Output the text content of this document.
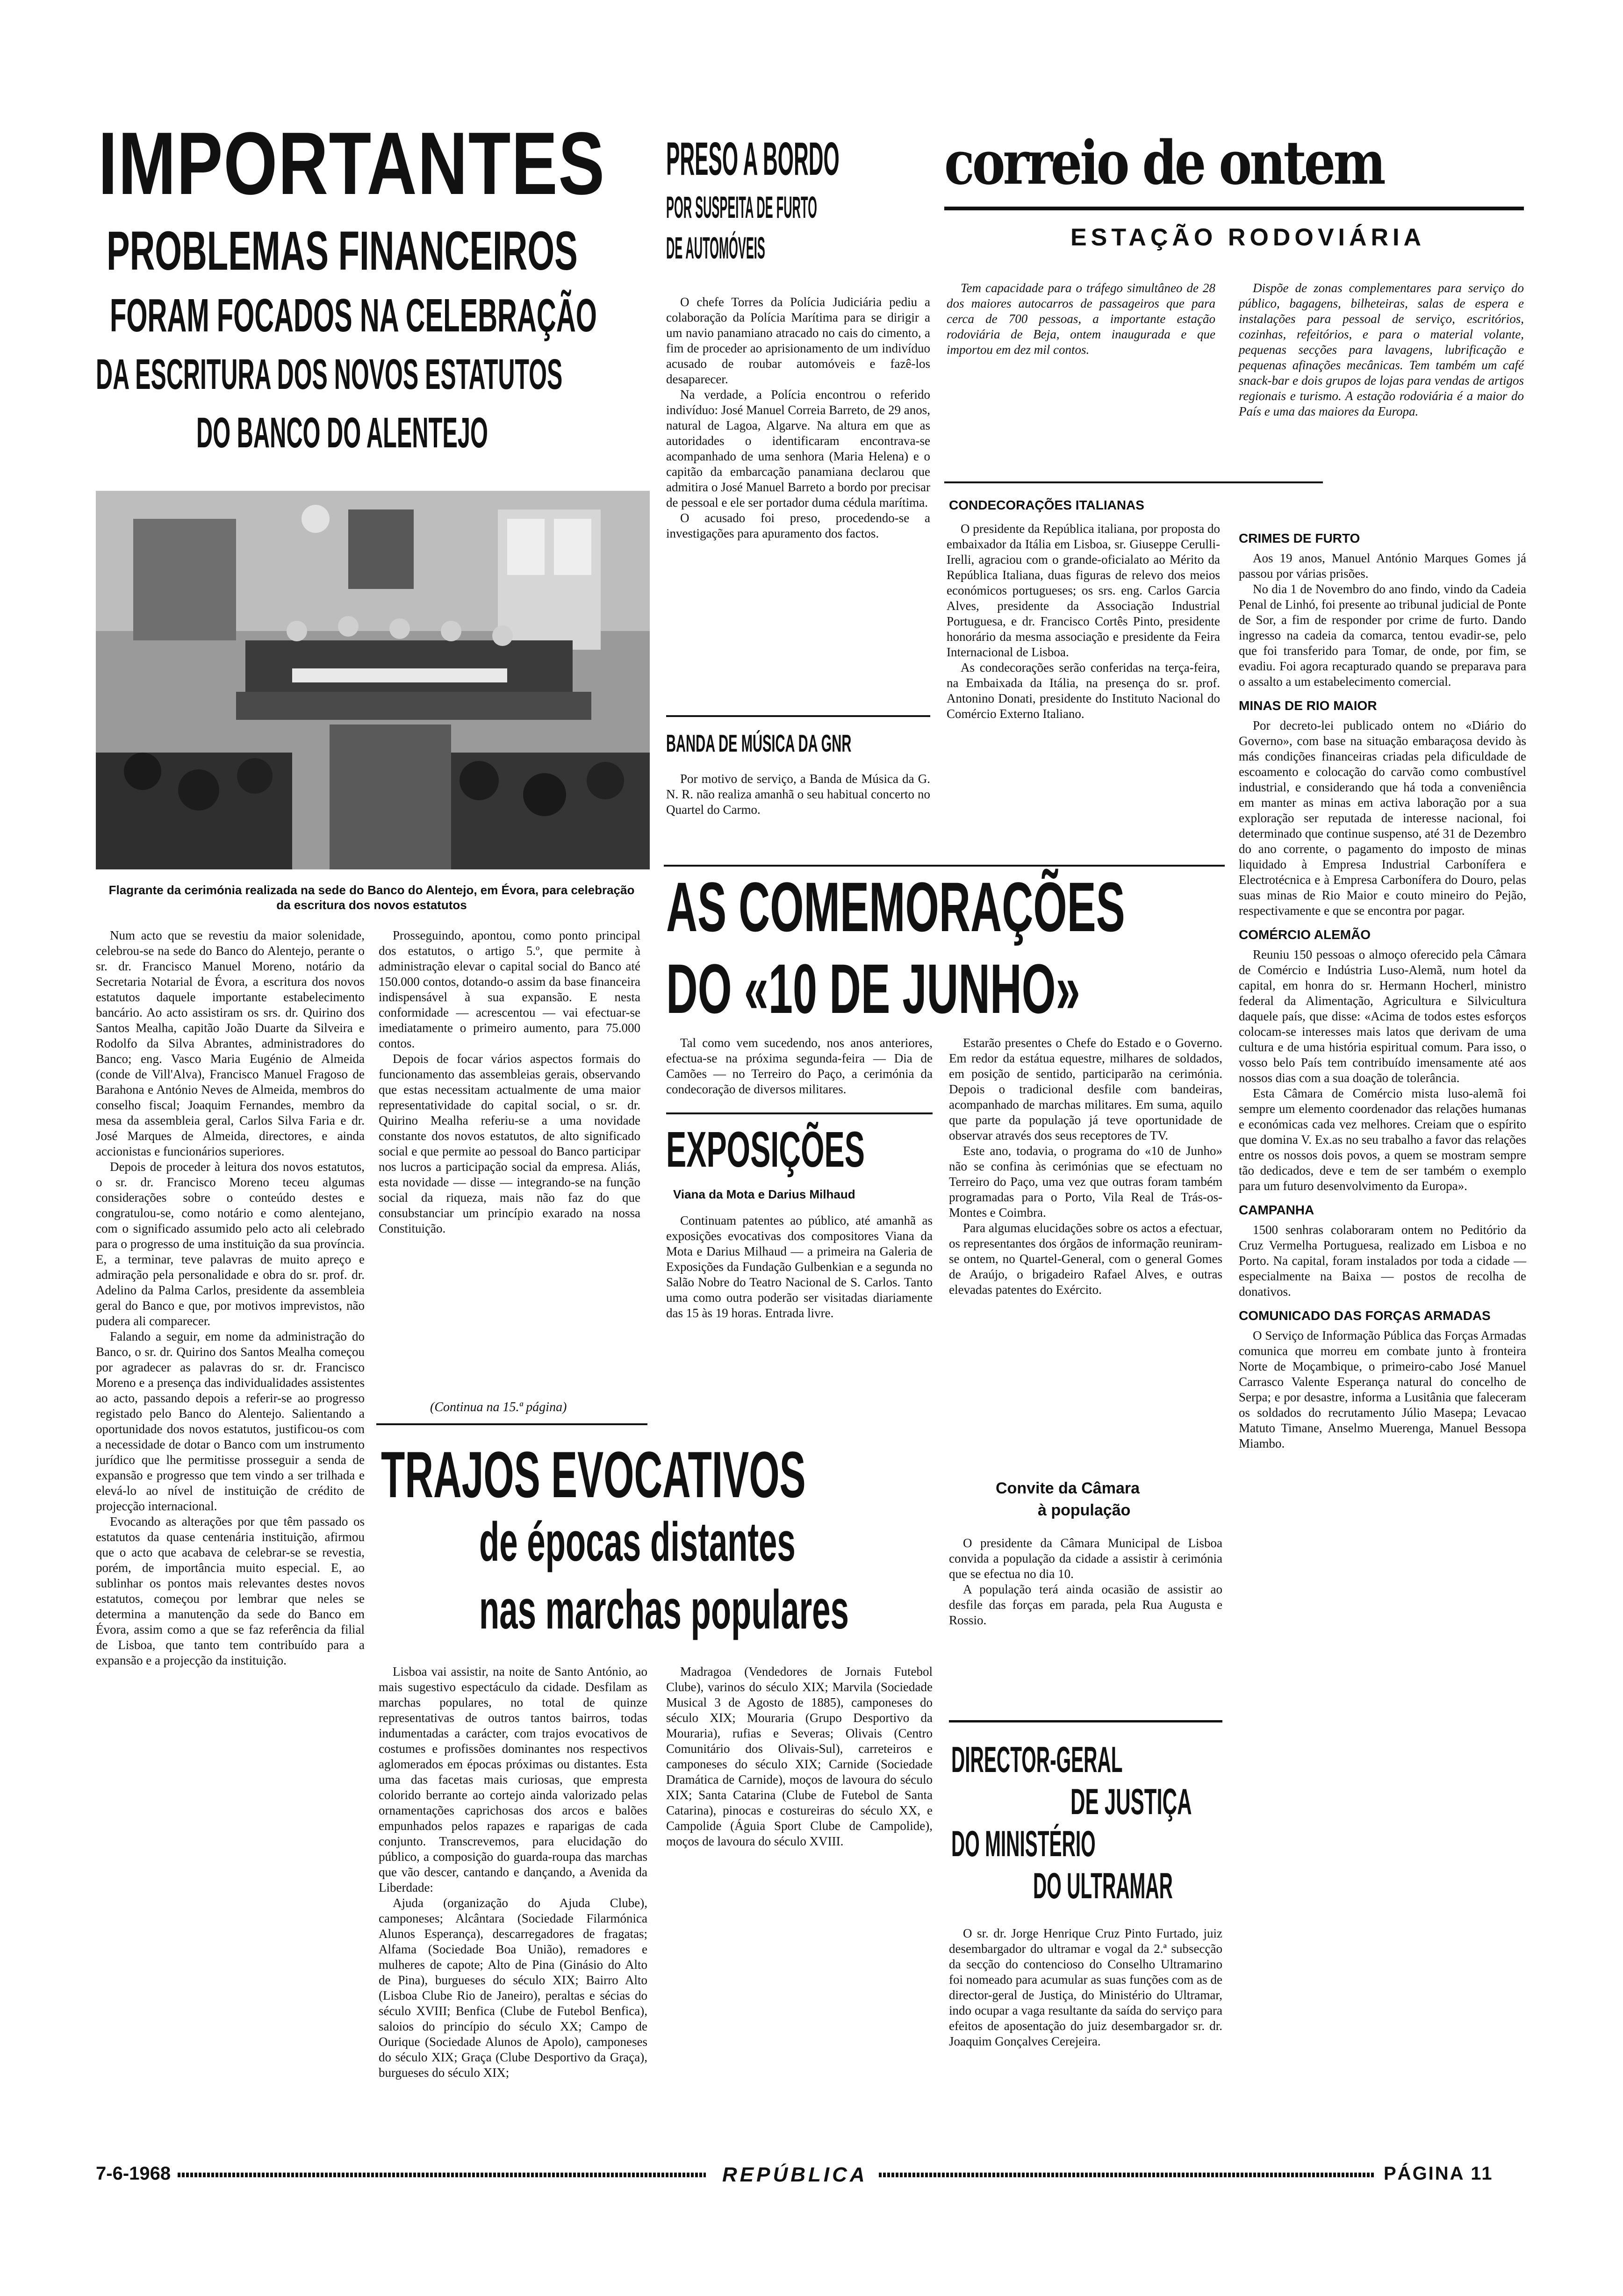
IMPORTANTES
PROBLEMAS FINANCEIROS
FORAM FOCADOS NA CELEBRAÇÃO
DA ESCRITURA DOS NOVOS ESTATUTOS
DO BANCO DO ALENTEJO
Flagrante da cerimónia realizada na sede do Banco do Alentejo, em Évora, para celebração da escritura dos novos estatutos

Num acto que se revestiu da maior solenidade, celebrou-se na sede do Banco do Alentejo, perante o sr. dr. Francisco Manuel Moreno, notário da Secretaria Notarial de Évora, a escritura dos novos estatutos daquele importante estabelecimento bancário. Ao acto assistiram os srs. dr. Quirino dos Santos Mealha, capitão João Duarte da Silveira e Rodolfo da Silva Abrantes, administradores do Banco; eng. Vasco Maria Eugénio de Almeida (conde de Vill'Alva), Francisco Manuel Fragoso de Barahona e António Neves de Almeida, membros do conselho fiscal; Joaquim Fernandes, membro da mesa da assembleia geral, Carlos Silva Faria e dr. José Marques de Almeida, directores, e ainda accionistas e funcionários superiores.

Depois de proceder à leitura dos novos estatutos, o sr. dr. Francisco Moreno teceu algumas considerações sobre o conteúdo destes e congratulou-se, como notário e como alentejano, com o significado assumido pelo acto ali celebrado para o progresso de uma instituição da sua província. E, a terminar, teve palavras de muito apreço e admiração pela personalidade e obra do sr. prof. dr. Adelino da Palma Carlos, presidente da assembleia geral do Banco e que, por motivos imprevistos, não pudera ali comparecer.

Falando a seguir, em nome da administração do Banco, o sr. dr. Quirino dos Santos Mealha começou por agradecer as palavras do sr. dr. Francisco Moreno e a presença das individualidades assistentes ao acto, passando depois a referir-se ao progresso registado pelo Banco do Alentejo. Salientando a oportunidade dos novos estatutos, justificou-os com a necessidade de dotar o Banco com um instrumento jurídico que lhe permitisse prosseguir a senda de expansão e progresso que tem vindo a ser trilhada e elevá-lo ao nível de instituição de crédito de projecção internacional.

Evocando as alterações por que têm passado os estatutos da quase centenária instituição, afirmou que o acto que acabava de celebrar-se se revestia, porém, de importância muito especial. E, ao sublinhar os pontos mais relevantes destes novos estatutos, começou por lembrar que neles se determina a manutenção da sede do Banco em Évora, assim como a que se faz referência da filial de Lisboa, que tanto tem contribuído para a expansão e a projecção da instituição.

Prosseguindo, apontou, como ponto principal dos estatutos, o artigo 5.º, que permite à administração elevar o capital social do Banco até 150.000 contos, dotando-o assim da base financeira indispensável à sua expansão. E nesta conformidade — acrescentou — vai efectuar-se imediatamente o primeiro aumento, para 75.000 contos.

Depois de focar vários aspectos formais do funcionamento das assembleias gerais, observando que estas necessitam actualmente de uma maior representatividade do capital social, o sr. dr. Quirino Mealha referiu-se a uma novidade constante dos novos estatutos, de alto significado social e que permite ao pessoal do Banco participar nos lucros a participação social da empresa. Aliás, esta novidade — disse — integrando-se na função social da riqueza, mais não faz do que consubstanciar um princípio exarado na nossa Constituição.

(Continua na 15.ª página)
PRESO A BORDO
POR SUSPEITA DE FURTO
DE AUTOMÓVEIS

O chefe Torres da Polícia Judiciária pediu a colaboração da Polícia Marítima para se dirigir a um navio panamiano atracado no cais do cimento, a fim de proceder ao aprisionamento de um indivíduo acusado de roubar automóveis e fazê-los desaparecer.

Na verdade, a Polícia encontrou o referido indivíduo: José Manuel Correia Barreto, de 29 anos, natural de Lagoa, Algarve. Na altura em que as autoridades o identificaram encontrava-se acompanhado de uma senhora (Maria Helena) e o capitão da embarcação panamiana declarou que admitira o José Manuel Barreto a bordo por precisar de pessoal e ele ser portador duma cédula marítima.

O acusado foi preso, procedendo-se a investigações para apuramento dos factos.

BANDA DE MÚSICA DA GNR

Por motivo de serviço, a Banda de Música da G. N. R. não realiza amanhã o seu habitual concerto no Quartel do Carmo.

correio de ontem
ESTAÇÃO RODOVIÁRIA

Tem capacidade para o tráfego simultâneo de 28 dos maiores autocarros de passageiros que para cerca de 700 pessoas, a importante estação rodoviária de Beja, ontem inaugurada e que importou em dez mil contos.

Dispõe de zonas complementares para serviço do público, bagagens, bilheteiras, salas de espera e instalações para pessoal de serviço, escritórios, cozinhas, refeitórios, e para o material volante, pequenas secções para lavagens, lubrificação e pequenas afinações mecânicas. Tem também um café snack-bar e dois grupos de lojas para vendas de artigos regionais e turismo. A estação rodoviária é a maior do País e uma das maiores da Europa.

CONDECORAÇÕES ITALIANAS

O presidente da República italiana, por proposta do embaixador da Itália em Lisboa, sr. Giuseppe Cerulli-Irelli, agraciou com o grande-oficialato ao Mérito da República Italiana, duas figuras de relevo dos meios económicos portugueses; os srs. eng. Carlos Garcia Alves, presidente da Associação Industrial Portuguesa, e dr. Francisco Cortês Pinto, presidente honorário da mesma associação e presidente da Feira Internacional de Lisboa.

As condecorações serão conferidas na terça-feira, na Embaixada da Itália, na presença do sr. prof. Antonino Donati, presidente do Instituto Nacional do Comércio Externo Italiano.

CRIMES DE FURTO

Aos 19 anos, Manuel António Marques Gomes já passou por várias prisões.

No dia 1 de Novembro do ano findo, vindo da Cadeia Penal de Linhó, foi presente ao tribunal judicial de Ponte de Sor, a fim de responder por crime de furto. Dando ingresso na cadeia da comarca, tentou evadir-se, pelo que foi transferido para Tomar, de onde, por fim, se evadiu. Foi agora recapturado quando se preparava para o assalto a um estabelecimento comercial.

MINAS DE RIO MAIOR

Por decreto-lei publicado ontem no «Diário do Governo», com base na situação embaraçosa devido às más condições financeiras criadas pela dificuldade de escoamento e colocação do carvão como combustível industrial, e considerando que há toda a conveniência em manter as minas em activa laboração por a sua exploração ser reputada de interesse nacional, foi determinado que continue suspenso, até 31 de Dezembro do ano corrente, o pagamento do imposto de minas liquidado à Empresa Industrial Carbonífera e Electrotécnica e à Empresa Carbonífera do Douro, pelas suas minas de Rio Maior e couto mineiro do Pejão, respectivamente e que se encontra por pagar.

COMÉRCIO ALEMÃO

Reuniu 150 pessoas o almoço oferecido pela Câmara de Comércio e Indústria Luso-Alemã, num hotel da capital, em honra do sr. Hermann Hocherl, ministro federal da Alimentação, Agricultura e Silvicultura daquele país, que disse: «Acima de todos estes esforços colocam-se interesses mais latos que derivam de uma cultura e de uma história espiritual comum. Para isso, o vosso belo País tem contribuído imensamente até aos nossos dias com a sua doação de tolerância.

Esta Câmara de Comércio mista luso-alemã foi sempre um elemento coordenador das relações humanas e económicas cada vez melhores. Creiam que o espírito que domina V. Ex.as no seu trabalho a favor das relações entre os nossos dois povos, a quem se mostram sempre tão dedicados, deve e tem de ser também o exemplo para um futuro desenvolvimento da Europa».

CAMPANHA

1500 senhras colaboraram ontem no Peditório da Cruz Vermelha Portuguesa, realizado em Lisboa e no Porto. Na capital, foram instalados por toda a cidade — especialmente na Baixa — postos de recolha de donativos.

COMUNICADO DAS FORÇAS ARMADAS

O Serviço de Informação Pública das Forças Armadas comunica que morreu em combate junto à fronteira Norte de Moçambique, o primeiro-cabo José Manuel Carrasco Valente Esperança natural do concelho de Serpa; e por desastre, informa a Lusitânia que faleceram os soldados do recrutamento Júlio Masepa; Levacao Matuto Timane, Anselmo Muerenga, Manuel Bessopa Miambo.

AS COMEMORAÇÕES
DO «10 DE JUNHO»

Tal como vem sucedendo, nos anos anteriores, efectua-se na próxima segunda-feira — Dia de Camões — no Terreiro do Paço, a cerimónia da condecoração de diversos militares.

Estarão presentes o Chefe do Estado e o Governo. Em redor da estátua equestre, milhares de soldados, em posição de sentido, participarão na cerimónia. Depois o tradicional desfile com bandeiras, acompanhado de marchas militares. Em suma, aquilo que parte da população já teve oportunidade de observar através dos seus receptores de TV.

Este ano, todavia, o programa do «10 de Junho» não se confina às cerimónias que se efectuam no Terreiro do Paço, uma vez que outras foram também programadas para o Porto, Vila Real de Trás-os-Montes e Coimbra.

Para algumas elucidações sobre os actos a efectuar, os representantes dos órgãos de informação reuniram-se ontem, no Quartel-General, com o general Gomes de Araújo, o brigadeiro Rafael Alves, e outras elevadas patentes do Exército.

EXPOSIÇÕES
Viana da Mota e Darius Milhaud

Continuam patentes ao público, até amanhã as exposições evocativas dos compositores Viana da Mota e Darius Milhaud — a primeira na Galeria de Exposições da Fundação Gulbenkian e a segunda no Salão Nobre do Teatro Nacional de S. Carlos. Tanto uma como outra poderão ser visitadas diariamente das 15 às 19 horas. Entrada livre.

Convite da Câmara
à população

O presidente da Câmara Municipal de Lisboa convida a população da cidade a assistir à cerimónia que se efectua no dia 10.

A população terá ainda ocasião de assistir ao desfile das forças em parada, pela Rua Augusta e Rossio.

DIRECTOR-GERAL
DE JUSTIÇA
DO MINISTÉRIO
DO ULTRAMAR

O sr. dr. Jorge Henrique Cruz Pinto Furtado, juiz desembargador do ultramar e vogal da 2.ª subsecção da secção do contencioso do Conselho Ultramarino foi nomeado para acumular as suas funções com as de director-geral de Justiça, do Ministério do Ultramar, indo ocupar a vaga resultante da saída do serviço para efeitos de aposentação do juiz desembargador sr. dr. Joaquim Gonçalves Cerejeira.

TRAJOS EVOCATIVOS
de épocas distantes
nas marchas populares

Lisboa vai assistir, na noite de Santo António, ao mais sugestivo espectáculo da cidade. Desfilam as marchas populares, no total de quinze representativas de outros tantos bairros, todas indumentadas a carácter, com trajos evocativos de costumes e profissões dominantes nos respectivos aglomerados em épocas próximas ou distantes. Esta uma das facetas mais curiosas, que empresta colorido berrante ao cortejo ainda valorizado pelas ornamentações caprichosas dos arcos e balões empunhados pelos rapazes e raparigas de cada conjunto. Transcrevemos, para elucidação do público, a composição do guarda-roupa das marchas que vão descer, cantando e dançando, a Avenida da Liberdade:

Ajuda (organização do Ajuda Clube), camponeses; Alcântara (Sociedade Filarmónica Alunos Esperança), descarregadores de fragatas; Alfama (Sociedade Boa União), remadores e mulheres de capote; Alto de Pina (Ginásio do Alto de Pina), burgueses do século XIX; Bairro Alto (Lisboa Clube Rio de Janeiro), peraltas e sécias do século XVIII; Benfica (Clube de Futebol Benfica), saloios do princípio do século XX; Campo de Ourique (Sociedade Alunos de Apolo), camponeses do século XIX; Graça (Clube Desportivo da Graça), burgueses do século XIX;

Madragoa (Vendedores de Jornais Futebol Clube), varinos do século XIX; Marvila (Sociedade Musical 3 de Agosto de 1885), camponeses do século XIX; Mouraria (Grupo Desportivo da Mouraria), rufias e Severas; Olivais (Centro Comunitário dos Olivais-Sul), carreteiros e camponeses do século XIX; Carnide (Sociedade Dramática de Carnide), moços de lavoura do século XIX; Santa Catarina (Clube de Futebol de Santa Catarina), pinocas e costureiras do século XX, e Campolide (Águia Sport Clube de Campolide), moços de lavoura do século XVIII.

7-6-1968	REPÚBLICA	PÁGINA 11
